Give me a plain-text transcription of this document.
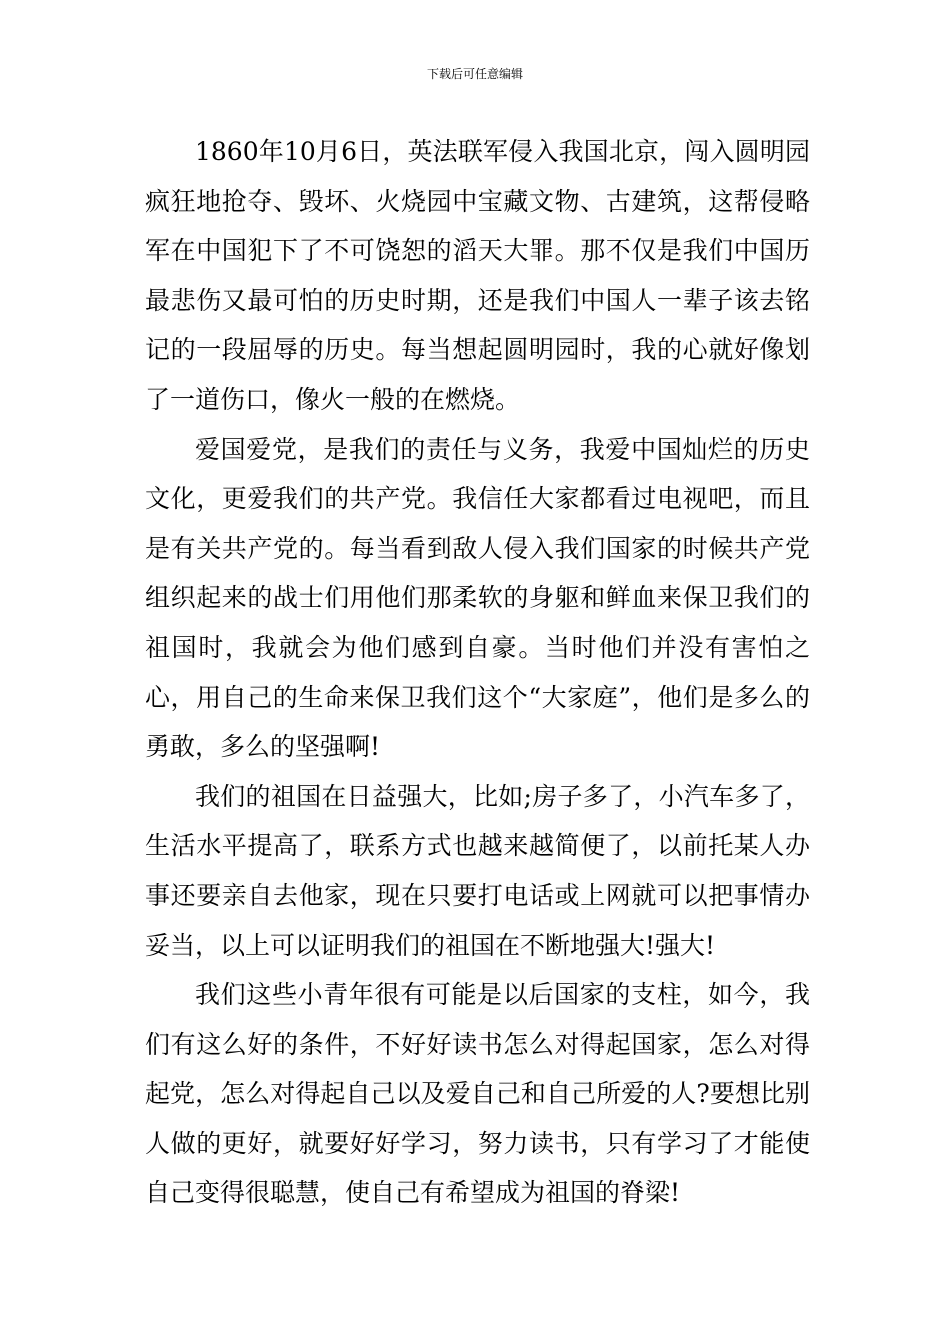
下载后可任意编辑

1860年10月6日，英法联军侵入我国北京，闯入圆明园疯狂地抢夺、毁坏、火烧园中宝藏文物、古建筑，这帮侵略军在中国犯下了不可饶恕的滔天大罪。那不仅是我们中国历最悲伤又最可怕的历史时期，还是我们中国人一辈子该去铭记的一段屈辱的历史。每当想起圆明园时，我的心就好像划了一道伤口，像火一般的在燃烧。

爱国爱党，是我们的责任与义务，我爱中国灿烂的历史文化，更爱我们的共产党。我信任大家都看过电视吧，而且是有关共产党的。每当看到敌人侵入我们国家的时候共产党组织起来的战士们用他们那柔软的身躯和鲜血来保卫我们的祖国时，我就会为他们感到自豪。当时他们并没有害怕之心，用自己的生命来保卫我们这个“大家庭”，他们是多么的勇敢，多么的坚强啊!

我们的祖国在日益强大，比如;房子多了，小汽车多了，生活水平提高了，联系方式也越来越简便了，以前托某人办事还要亲自去他家，现在只要打电话或上网就可以把事情办妥当，以上可以证明我们的祖国在不断地强大!强大!

我们这些小青年很有可能是以后国家的支柱，如今，我们有这么好的条件，不好好读书怎么对得起国家，怎么对得起党，怎么对得起自己以及爱自己和自己所爱的人?要想比别人做的更好，就要好好学习，努力读书，只有学习了才能使自己变得很聪慧，使自己有希望成为祖国的脊梁!
